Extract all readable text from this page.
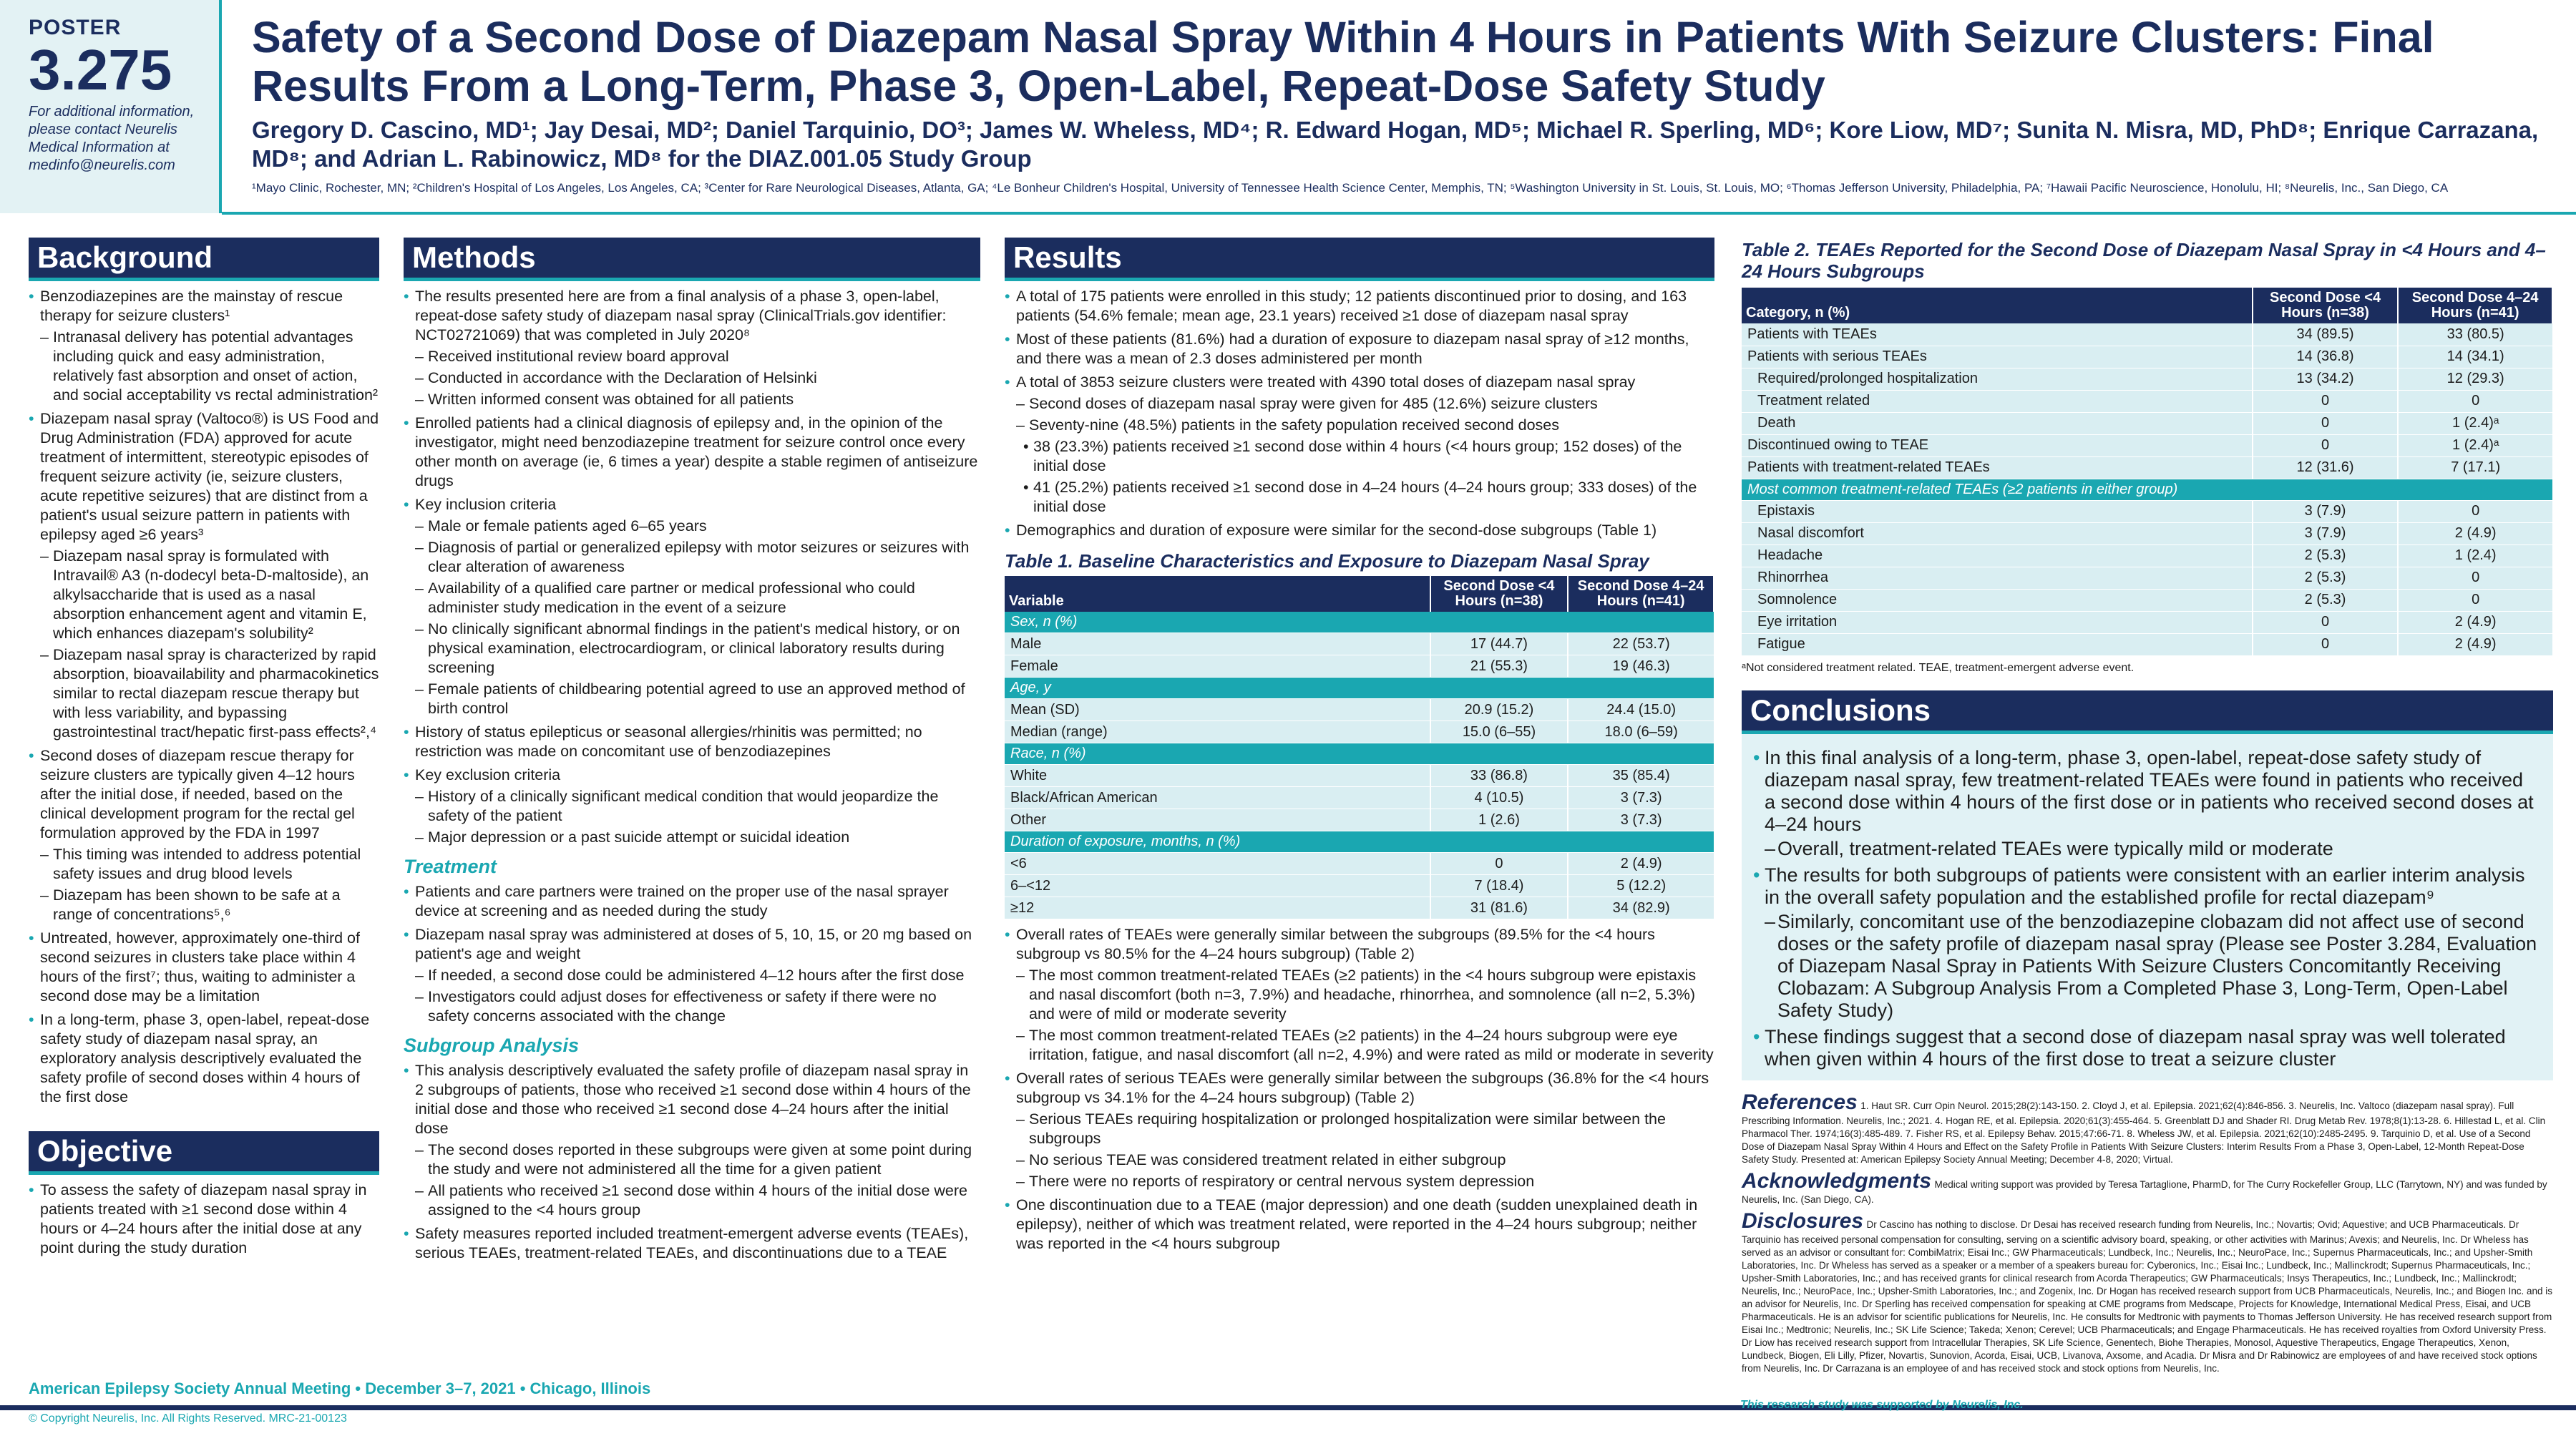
POSTER
3.275
For additional information, please contact Neurelis Medical Information at medinfo@neurelis.com
Safety of a Second Dose of Diazepam Nasal Spray Within 4 Hours in Patients With Seizure Clusters: Final Results From a Long-Term, Phase 3, Open-Label, Repeat-Dose Safety Study
Gregory D. Cascino, MD¹; Jay Desai, MD²; Daniel Tarquinio, DO³; James W. Wheless, MD⁴; R. Edward Hogan, MD⁵; Michael R. Sperling, MD⁶; Kore Liow, MD⁷; Sunita N. Misra, MD, PhD⁸; Enrique Carrazana, MD⁸; and Adrian L. Rabinowicz, MD⁸ for the DIAZ.001.05 Study Group
¹Mayo Clinic, Rochester, MN; ²Children's Hospital of Los Angeles, Los Angeles, CA; ³Center for Rare Neurological Diseases, Atlanta, GA; ⁴Le Bonheur Children's Hospital, University of Tennessee Health Science Center, Memphis, TN; ⁵Washington University in St. Louis, St. Louis, MO; ⁶Thomas Jefferson University, Philadelphia, PA; ⁷Hawaii Pacific Neuroscience, Honolulu, HI; ⁸Neurelis, Inc., San Diego, CA
Background
• Benzodiazepines are the mainstay of rescue therapy for seizure clusters¹
– Intranasal delivery has potential advantages including quick and easy administration, relatively fast absorption and onset of action, and social acceptability vs rectal administration²
• Diazepam nasal spray (Valtoco®) is US Food and Drug Administration (FDA) approved for acute treatment of intermittent, stereotypic episodes of frequent seizure activity (ie, seizure clusters, acute repetitive seizures) that are distinct from a patient's usual seizure pattern in patients with epilepsy aged ≥6 years³
– Diazepam nasal spray is formulated with Intravail® A3 (n-dodecyl beta-D-maltoside), an alkylsaccharide that is used as a nasal absorption enhancement agent and vitamin E, which enhances diazepam's solubility²
– Diazepam nasal spray is characterized by rapid absorption, bioavailability and pharmacokinetics similar to rectal diazepam rescue therapy but with less variability, and bypassing gastrointestinal tract/hepatic first-pass effects²,⁴
• Second doses of diazepam rescue therapy for seizure clusters are typically given 4–12 hours after the initial dose, if needed, based on the clinical development program for the rectal gel formulation approved by the FDA in 1997
– This timing was intended to address potential safety issues and drug blood levels
– Diazepam has been shown to be safe at a range of concentrations⁵,⁶
• Untreated, however, approximately one-third of second seizures in clusters take place within 4 hours of the first⁷; thus, waiting to administer a second dose may be a limitation
• In a long-term, phase 3, open-label, repeat-dose safety study of diazepam nasal spray, an exploratory analysis descriptively evaluated the safety profile of second doses within 4 hours of the first dose
Objective
• To assess the safety of diazepam nasal spray in patients treated with ≥1 second dose within 4 hours or 4–24 hours after the initial dose at any point during the study duration
Methods
• The results presented here are from a final analysis of a phase 3, open-label, repeat-dose safety study of diazepam nasal spray (ClinicalTrials.gov identifier: NCT02721069) that was completed in July 2020⁸
– Received institutional review board approval
– Conducted in accordance with the Declaration of Helsinki
– Written informed consent was obtained for all patients
• Enrolled patients had a clinical diagnosis of epilepsy and, in the opinion of the investigator, might need benzodiazepine treatment for seizure control once every other month on average (ie, 6 times a year) despite a stable regimen of antiseizure drugs
• Key inclusion criteria
– Male or female patients aged 6–65 years
– Diagnosis of partial or generalized epilepsy with motor seizures or seizures with clear alteration of awareness
– Availability of a qualified care partner or medical professional who could administer study medication in the event of a seizure
– No clinically significant abnormal findings in the patient's medical history, or on physical examination, electrocardiogram, or clinical laboratory results during screening
– Female patients of childbearing potential agreed to use an approved method of birth control
• History of status epilepticus or seasonal allergies/rhinitis was permitted; no restriction was made on concomitant use of benzodiazepines
• Key exclusion criteria
– History of a clinically significant medical condition that would jeopardize the safety of the patient
– Major depression or a past suicide attempt or suicidal ideation
Treatment
• Patients and care partners were trained on the proper use of the nasal sprayer device at screening and as needed during the study
• Diazepam nasal spray was administered at doses of 5, 10, 15, or 20 mg based on patient's age and weight
– If needed, a second dose could be administered 4–12 hours after the first dose
– Investigators could adjust doses for effectiveness or safety if there were no safety concerns associated with the change
Subgroup Analysis
• This analysis descriptively evaluated the safety profile of diazepam nasal spray in 2 subgroups of patients, those who received ≥1 second dose within 4 hours of the initial dose and those who received ≥1 second dose 4–24 hours after the initial dose
– The second doses reported in these subgroups were given at some point during the study and were not administered all the time for a given patient
– All patients who received ≥1 second dose within 4 hours of the initial dose were assigned to the <4 hours group
• Safety measures reported included treatment-emergent adverse events (TEAEs), serious TEAEs, treatment-related TEAEs, and discontinuations due to a TEAE
Results
• A total of 175 patients were enrolled in this study; 12 patients discontinued prior to dosing, and 163 patients (54.6% female; mean age, 23.1 years) received ≥1 dose of diazepam nasal spray
• Most of these patients (81.6%) had a duration of exposure to diazepam nasal spray of ≥12 months, and there was a mean of 2.3 doses administered per month
• A total of 3853 seizure clusters were treated with 4390 total doses of diazepam nasal spray
– Second doses of diazepam nasal spray were given for 485 (12.6%) seizure clusters
– Seventy-nine (48.5%) patients in the safety population received second doses
• 38 (23.3%) patients received ≥1 second dose within 4 hours (<4 hours group; 152 doses) of the initial dose
• 41 (25.2%) patients received ≥1 second dose in 4–24 hours (4–24 hours group; 333 doses) of the initial dose
• Demographics and duration of exposure were similar for the second-dose subgroups (Table 1)
Table 1. Baseline Characteristics and Exposure to Diazepam Nasal Spray
Variable	Second Dose <4 Hours (n=38)	Second Dose 4–24 Hours (n=41)
Sex, n (%)		
Male	17 (44.7)	22 (53.7)
Female	21 (55.3)	19 (46.3)
Age, y		
Mean (SD)	20.9 (15.2)	24.4 (15.0)
Median (range)	15.0 (6–55)	18.0 (6–59)
Race, n (%)		
White	33 (86.8)	35 (85.4)
Black/African American	4 (10.5)	3 (7.3)
Other	1 (2.6)	3 (7.3)
Duration of exposure, months, n (%)		
<6	0	2 (4.9)
6–<12	7 (18.4)	5 (12.2)
≥12	31 (81.6)	34 (82.9)
• Overall rates of TEAEs were generally similar between the subgroups (89.5% for the <4 hours subgroup vs 80.5% for the 4–24 hours subgroup) (Table 2)
– The most common treatment-related TEAEs (≥2 patients) in the <4 hours subgroup were epistaxis and nasal discomfort (both n=3, 7.9%) and headache, rhinorrhea, and somnolence (all n=2, 5.3%) and were of mild or moderate severity
– The most common treatment-related TEAEs (≥2 patients) in the 4–24 hours subgroup were eye irritation, fatigue, and nasal discomfort (all n=2, 4.9%) and were rated as mild or moderate in severity
• Overall rates of serious TEAEs were generally similar between the subgroups (36.8% for the <4 hours subgroup vs 34.1% for the 4–24 hours subgroup) (Table 2)
– Serious TEAEs requiring hospitalization or prolonged hospitalization were similar between the subgroups
– No serious TEAE was considered treatment related in either subgroup
– There were no reports of respiratory or central nervous system depression
• One discontinuation due to a TEAE (major depression) and one death (sudden unexplained death in epilepsy), neither of which was treatment related, were reported in the 4–24 hours subgroup; neither was reported in the <4 hours subgroup
Table 2. TEAEs Reported for the Second Dose of Diazepam Nasal Spray in <4 Hours and 4–24 Hours Subgroups
Category, n (%)	Second Dose <4 Hours (n=38)	Second Dose 4–24 Hours (n=41)
Patients with TEAEs	34 (89.5)	33 (80.5)
Patients with serious TEAEs	14 (36.8)	14 (34.1)
Required/prolonged hospitalization	13 (34.2)	12 (29.3)
Treatment related	0	0
Death	0	1 (2.4)ᵃ
Discontinued owing to TEAE	0	1 (2.4)ᵃ
Patients with treatment-related TEAEs	12 (31.6)	7 (17.1)
Most common treatment-related TEAEs (≥2 patients in either group)		
Epistaxis	3 (7.9)	0
Nasal discomfort	3 (7.9)	2 (4.9)
Headache	2 (5.3)	1 (2.4)
Rhinorrhea	2 (5.3)	0
Somnolence	2 (5.3)	0
Eye irritation	0	2 (4.9)
Fatigue	0	2 (4.9)
ᵃNot considered treatment related. TEAE, treatment-emergent adverse event.
Conclusions
• In this final analysis of a long-term, phase 3, open-label, repeat-dose safety study of diazepam nasal spray, few treatment-related TEAEs were found in patients who received a second dose within 4 hours of the first dose or in patients who received second doses at 4–24 hours
– Overall, treatment-related TEAEs were typically mild or moderate
• The results for both subgroups of patients were consistent with an earlier interim analysis in the overall safety population and the established profile for rectal diazepam⁹
– Similarly, concomitant use of the benzodiazepine clobazam did not affect use of second doses or the safety profile of diazepam nasal spray (Please see Poster 3.284, Evaluation of Diazepam Nasal Spray in Patients With Seizure Clusters Concomitantly Receiving Clobazam: A Subgroup Analysis From a Completed Phase 3, Long-Term, Open-Label Safety Study)
• These findings suggest that a second dose of diazepam nasal spray was well tolerated when given within 4 hours of the first dose to treat a seizure cluster
References 1. Haut SR. Curr Opin Neurol. 2015;28(2):143-150. 2. Cloyd J, et al. Epilepsia. 2021;62(4):846-856. 3. Neurelis, Inc. Valtoco (diazepam nasal spray). Full Prescribing Information. Neurelis, Inc.; 2021. 4. Hogan RE, et al. Epilepsia. 2020;61(3):455-464. 5. Greenblatt DJ and Shader RI. Drug Metab Rev. 1978;8(1):13-28. 6. Hillestad L, et al. Clin Pharmacol Ther. 1974;16(3):485-489. 7. Fisher RS, et al. Epilepsy Behav. 2015;47:66-71. 8. Wheless JW, et al. Epilepsia. 2021;62(10):2485-2495. 9. Tarquinio D, et al. Use of a Second Dose of Diazepam Nasal Spray Within 4 Hours and Effect on the Safety Profile in Patients With Seizure Clusters: Interim Results From a Phase 3, Open-Label, 12-Month Repeat-Dose Safety Study. Presented at: American Epilepsy Society Annual Meeting; December 4-8, 2020; Virtual.
Acknowledgments Medical writing support was provided by Teresa Tartaglione, PharmD, for The Curry Rockefeller Group, LLC (Tarrytown, NY) and was funded by Neurelis, Inc. (San Diego, CA).
Disclosures Dr Cascino has nothing to disclose. Dr Desai has received research funding from Neurelis, Inc.; Novartis; Ovid; Aquestive; and UCB Pharmaceuticals. Dr Tarquinio has received personal compensation for consulting, serving on a scientific advisory board, speaking, or other activities with Marinus; Avexis; and Neurelis, Inc. Dr Wheless has served as an advisor or consultant for: CombiMatrix; Eisai Inc.; GW Pharmaceuticals; Lundbeck, Inc.; Neurelis, Inc.; NeuroPace, Inc.; Supernus Pharmaceuticals, Inc.; and Upsher-Smith Laboratories, Inc. Dr Wheless has served as a speaker or a member of a speakers bureau for: Cyberonics, Inc.; Eisai Inc.; Lundbeck, Inc.; Mallinckrodt; Supernus Pharmaceuticals, Inc.; Upsher-Smith Laboratories, Inc.; and has received grants for clinical research from Acorda Therapeutics; GW Pharmaceuticals; Insys Therapeutics, Inc.; Lundbeck, Inc.; Mallinckrodt; Neurelis, Inc.; NeuroPace, Inc.; Upsher-Smith Laboratories, Inc.; and Zogenix, Inc. Dr Hogan has received research support from UCB Pharmaceuticals, Neurelis, Inc.; and Biogen Inc. and is an advisor for Neurelis, Inc. Dr Sperling has received compensation for speaking at CME programs from Medscape, Projects for Knowledge, International Medical Press, Eisai, and UCB Pharmaceuticals. He is an advisor for scientific publications for Neurelis, Inc. He consults for Medtronic with payments to Thomas Jefferson University. He has received research support from Eisai Inc.; Medtronic; Neurelis, Inc.; SK Life Science; Takeda; Xenon; Cerevel; UCB Pharmaceuticals; and Engage Pharmaceuticals. He has received royalties from Oxford University Press. Dr Liow has received research support from Intracellular Therapies, SK Life Science, Genentech, Biohe Therapies, Monosol, Aquestive Therapeutics, Engage Therapeutics, Xenon, Lundbeck, Biogen, Eli Lilly, Pfizer, Novartis, Sunovion, Acorda, Eisai, UCB, Livanova, Axsome, and Acadia. Dr Misra and Dr Rabinowicz are employees of and have received stock options from Neurelis, Inc. Dr Carrazana is an employee of and has received stock and stock options from Neurelis, Inc.
American Epilepsy Society Annual Meeting • December 3–7, 2021 • Chicago, Illinois
© Copyright Neurelis, Inc. All Rights Reserved. MRC-21-00123
This research study was supported by Neurelis, Inc.
